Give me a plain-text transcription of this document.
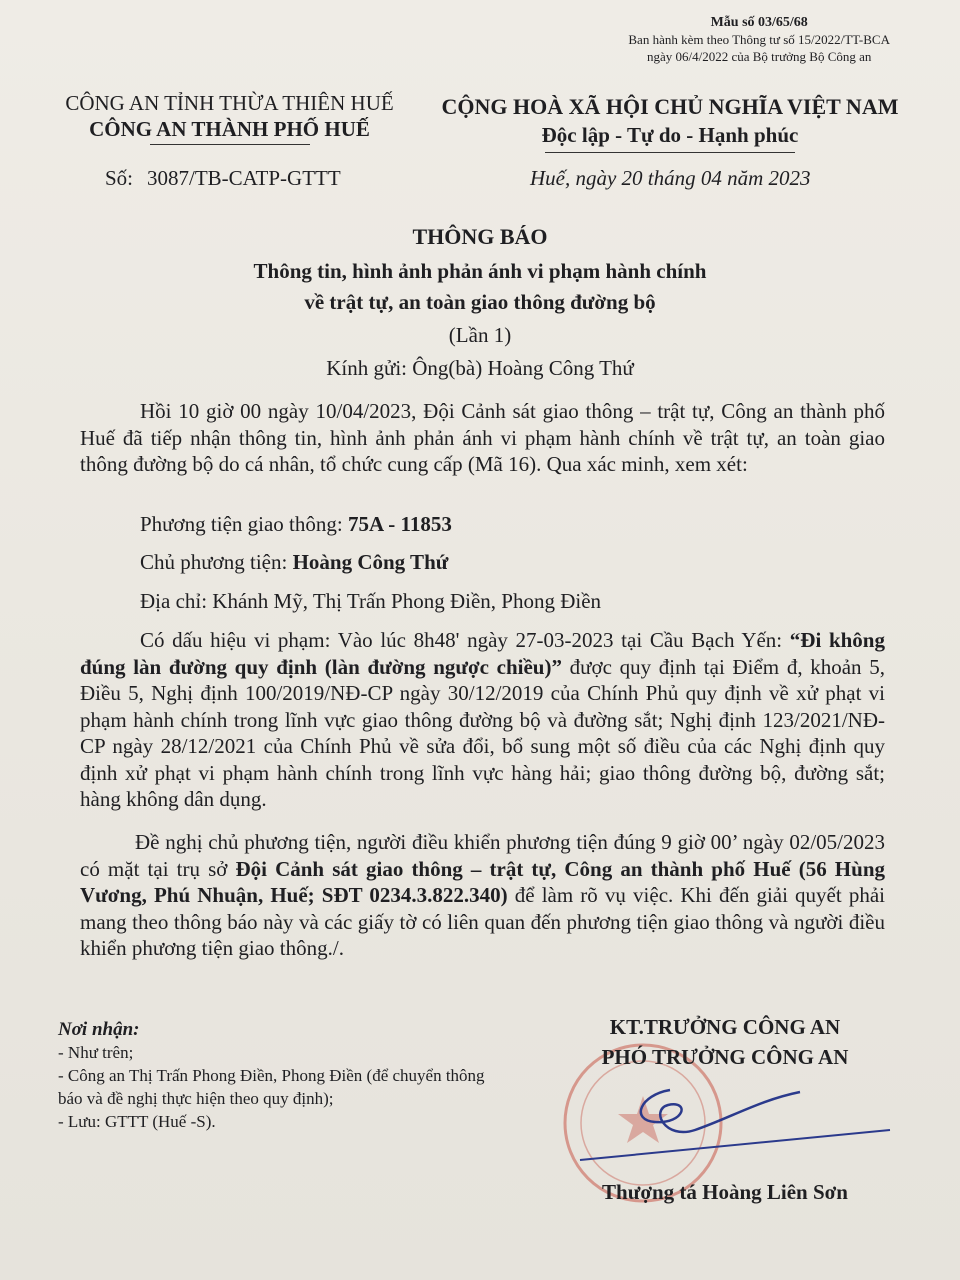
Mẫu số 03/65/68
Ban hành kèm theo Thông tư số 15/2022/TT-BCA
ngày 06/4/2022 của Bộ trưởng Bộ Công an
CÔNG AN TỈNH THỪA THIÊN HUẾ
CÔNG AN THÀNH PHỐ HUẾ
CỘNG HOÀ XÃ HỘI CHỦ NGHĨA VIỆT NAM
Độc lập - Tự do - Hạnh phúc
Số: 3087/TB-CATP-GTTT	Huế, ngày 20 tháng 04 năm 2023
THÔNG BÁO
Thông tin, hình ảnh phản ánh vi phạm hành chính
về trật tự, an toàn giao thông đường bộ
(Lần 1)
Kính gửi: Ông(bà) Hoàng Công Thứ
Hồi 10 giờ 00 ngày 10/04/2023, Đội Cảnh sát giao thông – trật tự, Công an thành phố Huế đã tiếp nhận thông tin, hình ảnh phản ánh vi phạm hành chính về trật tự, an toàn giao thông đường bộ do cá nhân, tổ chức cung cấp (Mã 16). Qua xác minh, xem xét:
Phương tiện giao thông: 75A - 11853
Chủ phương tiện: Hoàng Công Thứ
Địa chỉ: Khánh Mỹ, Thị Trấn Phong Điền, Phong Điền
Có dấu hiệu vi phạm: Vào lúc 8h48' ngày 27-03-2023 tại Cầu Bạch Yến: “Đi không đúng làn đường quy định (làn đường ngược chiều)” được quy định tại Điểm đ, khoản 5, Điều 5, Nghị định 100/2019/NĐ-CP ngày 30/12/2019 của Chính Phủ quy định về xử phạt vi phạm hành chính trong lĩnh vực giao thông đường bộ và đường sắt; Nghị định 123/2021/NĐ-CP ngày 28/12/2021 của Chính Phủ về sửa đổi, bổ sung một số điều của các Nghị định quy định xử phạt vi phạm hành chính trong lĩnh vực hàng hải; giao thông đường bộ, đường sắt; hàng không dân dụng.
Đề nghị chủ phương tiện, người điều khiển phương tiện đúng 9 giờ 00’ ngày 02/05/2023 có mặt tại trụ sở Đội Cảnh sát giao thông – trật tự, Công an thành phố Huế (56 Hùng Vương, Phú Nhuận, Huế; SĐT 0234.3.822.340) để làm rõ vụ việc. Khi đến giải quyết phải mang theo thông báo này và các giấy tờ có liên quan đến phương tiện giao thông và người điều khiển phương tiện giao thông./.
Nơi nhận:
- Như trên;
- Công an Thị Trấn Phong Điền, Phong Điền (để chuyển thông báo và đề nghị thực hiện theo quy định);
- Lưu: GTTT (Huế -S).
KT.TRƯỞNG CÔNG AN
PHÓ TRƯỞNG CÔNG AN
Thượng tá Hoàng Liên Sơn
